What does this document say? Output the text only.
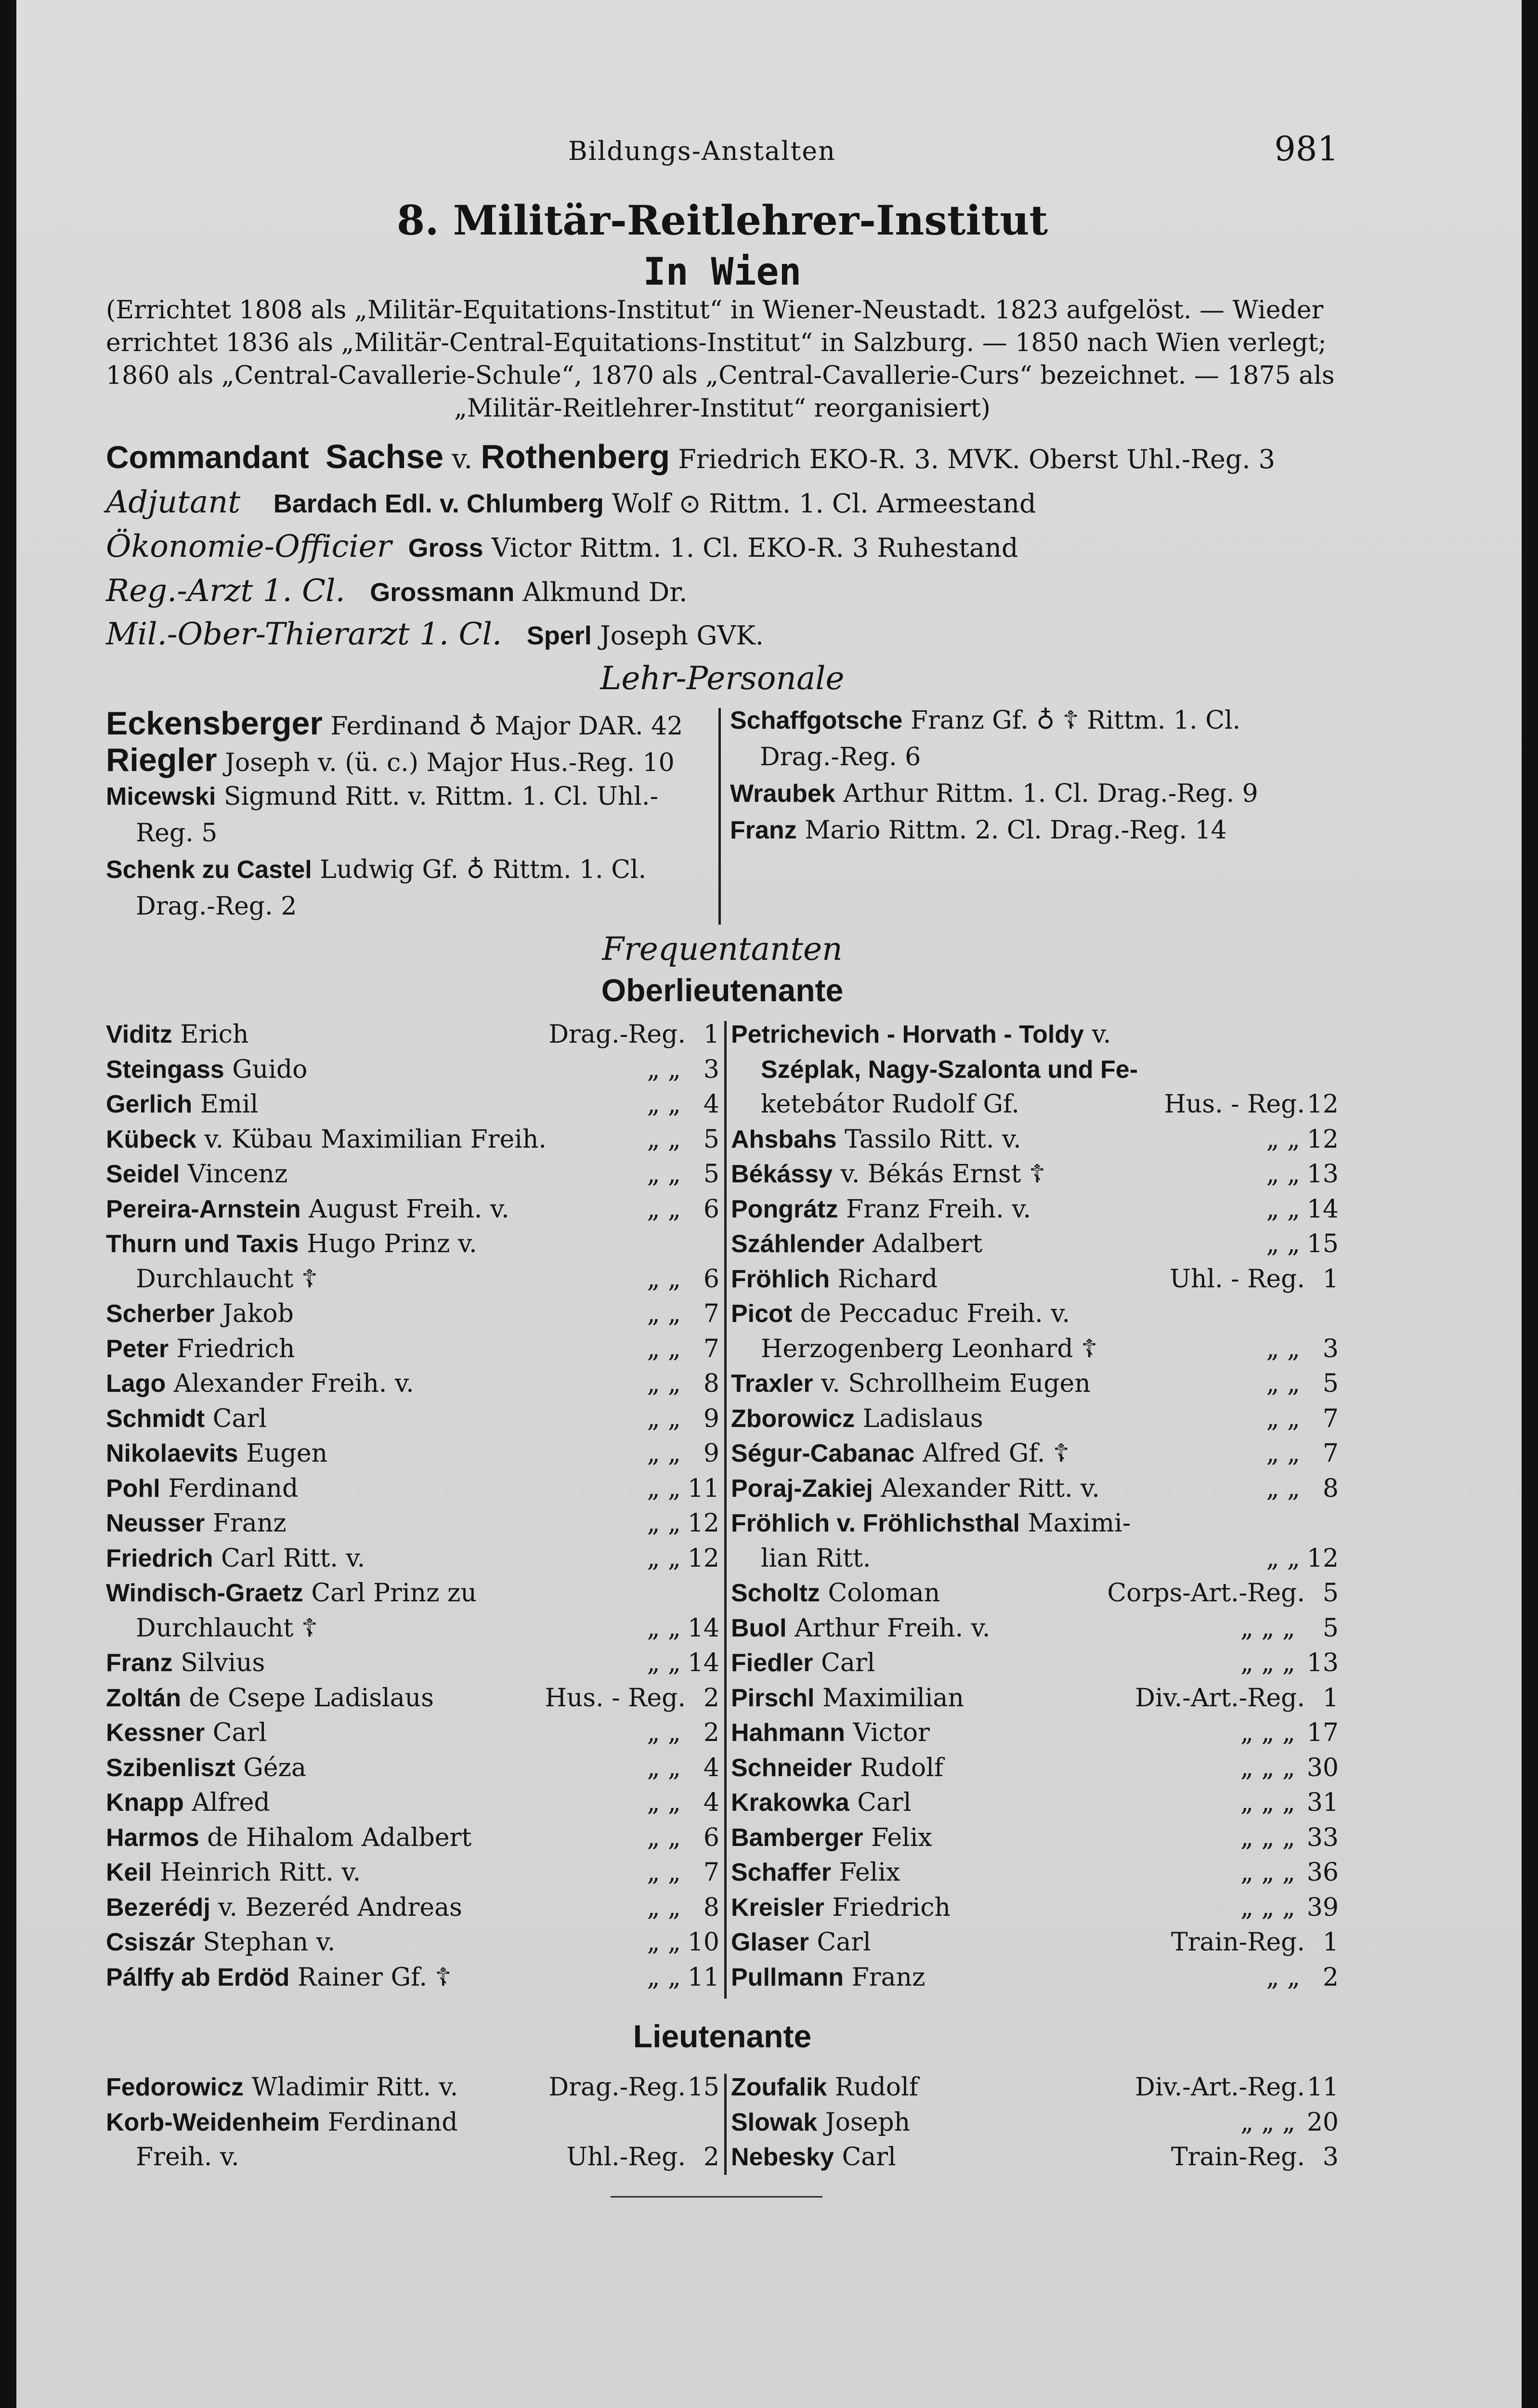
Bildungs-Anstalten	981
8. Militär-Reitlehrer-Institut
In Wien
(Errichtet 1808 als „Militär-Equitations-Institut“ in Wiener-Neustadt. 1823 aufgelöst. — Wieder
errichtet 1836 als „Militär-Central-Equitations-Institut“ in Salzburg. — 1850 nach Wien verlegt;
1860 als „Central-Cavallerie-Schule“, 1870 als „Central-Cavallerie-Curs“ bezeichnet. — 1875 als
„Militär-Reitlehrer-Institut“ reorganisiert)
Commandant Sachse v. Rothenberg Friedrich EKO-R. 3. MVK. Oberst Uhl.-Reg. 3
Adjutant Bardach Edl. v. Chlumberg Wolf ⊙ Rittm. 1. Cl. Armeestand
Ökonomie-Officier Gross Victor Rittm. 1. Cl. EKO-R. 3 Ruhestand
Reg.-Arzt 1. Cl. Grossmann Alkmund Dr.
Mil.-Ober-Thierarzt 1. Cl. Sperl Joseph GVK.
Lehr-Personale
Eckensberger Ferdinand ♁ Major DAR. 42
Riegler Joseph v. (ü. c.) Major Hus.-Reg. 10
Micewski Sigmund Ritt. v. Rittm. 1. Cl. Uhl.-
Reg. 5
Schenk zu Castel Ludwig Gf. ♁ Rittm. 1. Cl.
Drag.-Reg. 2
Schaffgotsche Franz Gf. ♁ ☦ Rittm. 1. Cl.
Drag.-Reg. 6
Wraubek Arthur Rittm. 1. Cl. Drag.-Reg. 9
Franz Mario Rittm. 2. Cl. Drag.-Reg. 14
Frequentanten
Oberlieutenante
Viditz Erich	Drag.-Reg. 1
Steingass Guido	„ „ 3
Gerlich Emil	„ „ 4
Kübeck v. Kübau Maximilian Freih.	„ „ 5
Seidel Vincenz	„ „ 5
Pereira-Arnstein August Freih. v.	„ „ 6
Thurn und Taxis Hugo Prinz v.
Durchlaucht ☦	„ „ 6
Scherber Jakob	„ „ 7
Peter Friedrich	„ „ 7
Lago Alexander Freih. v.	„ „ 8
Schmidt Carl	„ „ 9
Nikolaevits Eugen	„ „ 9
Pohl Ferdinand	„ „ 11
Neusser Franz	„ „ 12
Friedrich Carl Ritt. v.	„ „ 12
Windisch-Graetz Carl Prinz zu
Durchlaucht ☦	„ „ 14
Franz Silvius	„ „ 14
Zoltán de Csepe Ladislaus	Hus. - Reg. 2
Kessner Carl	„ „ 2
Szibenliszt Géza	„ „ 4
Knapp Alfred	„ „ 4
Harmos de Hihalom Adalbert	„ „ 6
Keil Heinrich Ritt. v.	„ „ 7
Bezerédj v. Bezeréd Andreas	„ „ 8
Csiszár Stephan v.	„ „ 10
Pálffy ab Erdöd Rainer Gf. ☦	„ „ 11
Petrichevich - Horvath - Toldy v.
Széplak, Nagy-Szalonta und Fe-
ketebátor Rudolf Gf.	Hus. - Reg. 12
Ahsbahs Tassilo Ritt. v.	„ „ 12
Békássy v. Békás Ernst ☦	„ „ 13
Pongrátz Franz Freih. v.	„ „ 14
Száhlender Adalbert	„ „ 15
Fröhlich Richard	Uhl. - Reg. 1
Picot de Peccaduc Freih. v.
Herzogenberg Leonhard ☦	„ „ 3
Traxler v. Schrollheim Eugen	„ „ 5
Zborowicz Ladislaus	„ „ 7
Ségur-Cabanac Alfred Gf. ☦	„ „ 7
Poraj-Zakiej Alexander Ritt. v.	„ „ 8
Fröhlich v. Fröhlichsthal Maximi-
lian Ritt.	„ „ 12
Scholtz Coloman	Corps-Art.-Reg. 5
Buol Arthur Freih. v.	„ „ „ 5
Fiedler Carl	„ „ „ 13
Pirschl Maximilian	Div.-Art.-Reg. 1
Hahmann Victor	„ „ „ 17
Schneider Rudolf	„ „ „ 30
Krakowka Carl	„ „ „ 31
Bamberger Felix	„ „ „ 33
Schaffer Felix	„ „ „ 36
Kreisler Friedrich	„ „ „ 39
Glaser Carl	Train-Reg. 1
Pullmann Franz	„ „ 2
Lieutenante
Fedorowicz Wladimir Ritt. v.	Drag.-Reg. 15
Korb-Weidenheim Ferdinand
Freih. v.	Uhl.-Reg. 2
Zoufalik Rudolf	Div.-Art.-Reg. 11
Slowak Joseph	„ „ „ 20
Nebesky Carl	Train-Reg. 3
